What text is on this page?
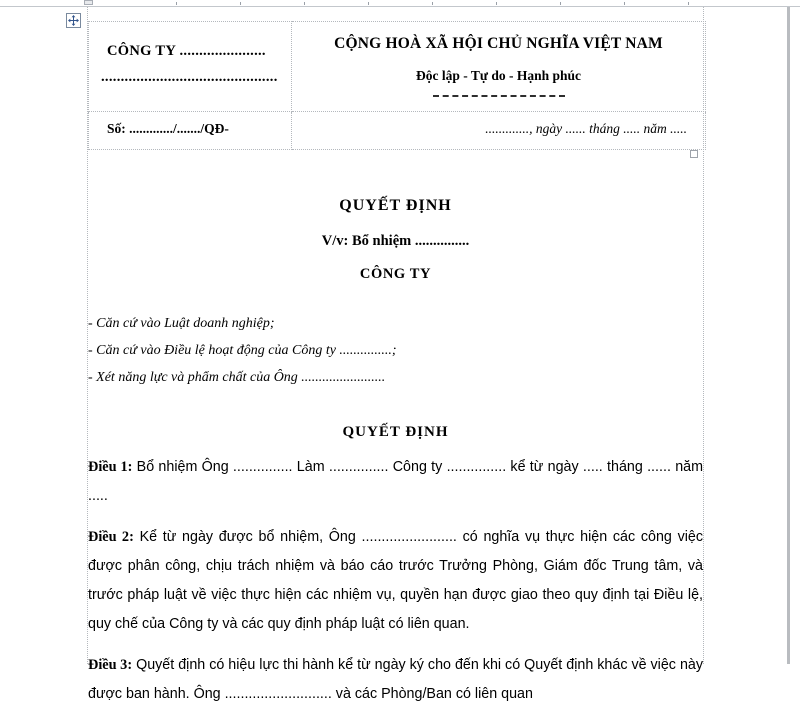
CÔNG TY ......................

.............................................

CỘNG HOÀ XÃ HỘI CHỦ NGHĨA VIỆT NAM

Độc lập - Tự do - Hạnh phúc

Số: ............./......./QĐ-	............., ngày ...... tháng ..... năm .....

QUYẾT ĐỊNH

V/v: Bổ nhiệm ...............

CÔNG TY

- Căn cứ vào Luật doanh nghiệp;

- Căn cứ vào Điều lệ hoạt động của Công ty ...............;

- Xét năng lực và phẩm chất của Ông ........................

QUYẾT ĐỊNH

Điều 1: Bổ nhiệm Ông ............... Làm ............... Công ty ............... kể từ ngày ..... tháng ...... năm .....

Điều 2: Kể từ ngày được bổ nhiệm, Ông ........................ có nghĩa vụ thực hiện các công việc được phân công, chịu trách nhiệm và báo cáo trước Trưởng Phòng, Giám đốc Trung tâm, và trước pháp luật về việc thực hiện các nhiệm vụ, quyền hạn được giao theo quy định tại Điều lệ, quy chế của Công ty và các quy định pháp luật có liên quan.

Điều 3: Quyết định có hiệu lực thi hành kể từ ngày ký cho đến khi có Quyết định khác về việc này được ban hành. Ông ........................... và các Phòng/Ban có liên quan
